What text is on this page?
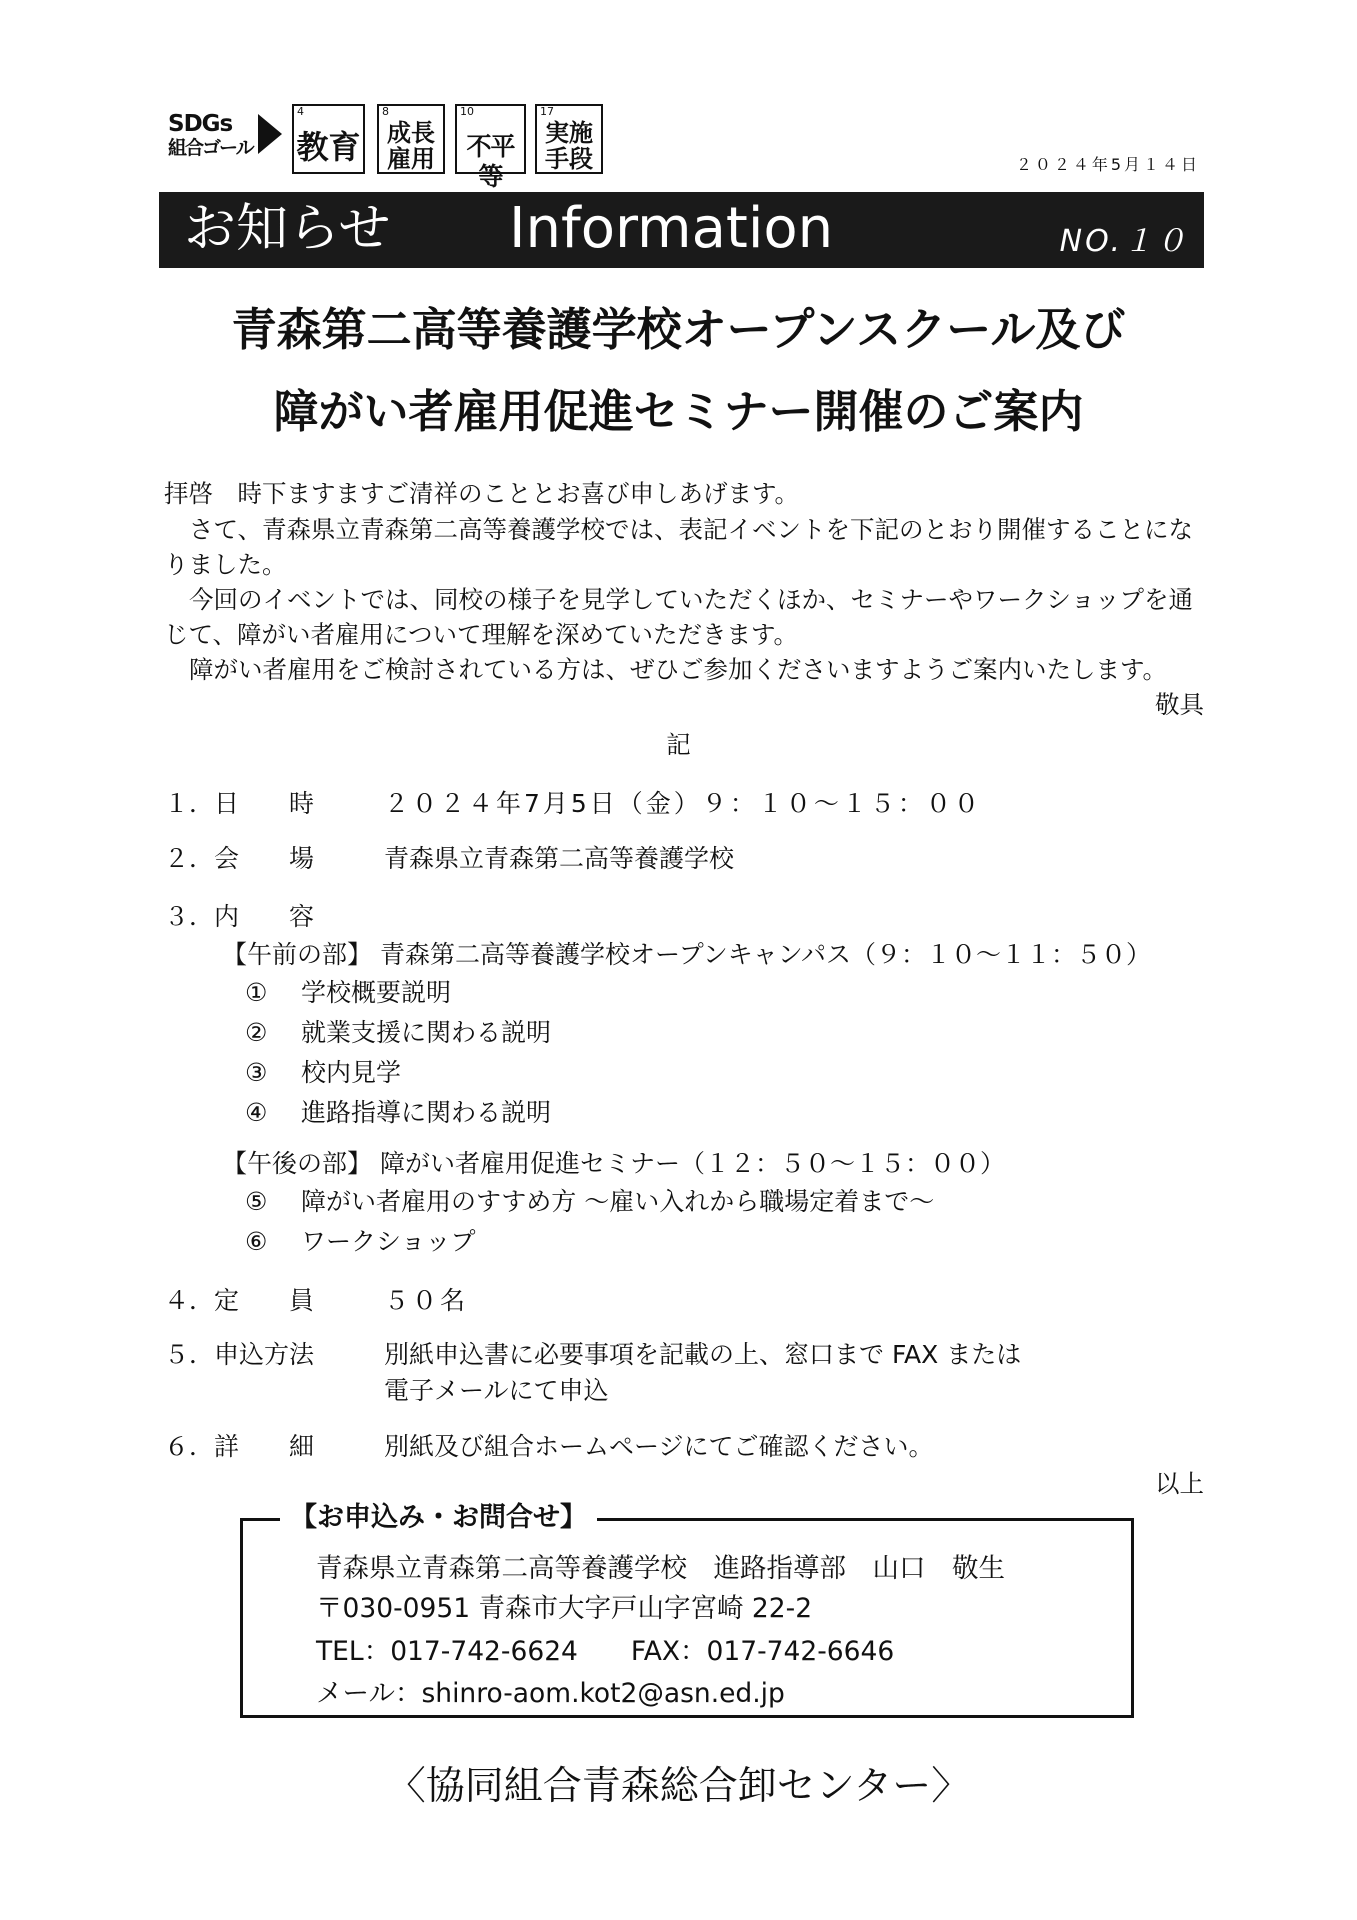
SDGs
組合ゴール
4
教育
8
成長
雇用
10
不平等
17
実施
手段	２０２４年5月１４日
お知らせ Information	NO.１０
青森第二高等養護学校オープンスクール及び
障がい者雇用促進セミナー開催のご案内
拝啓　時下ますますご清祥のこととお喜び申しあげます。
さて、青森県立青森第二高等養護学校では、表記イベントを下記のとおり開催することになりました。
今回のイベントでは、同校の様子を見学していただくほか、セミナーやワークショップを通じて、障がい者雇用について理解を深めていただきます。
障がい者雇用をご検討されている方は、ぜひご参加くださいますようご案内いたします。
敬具
記
１．日　　時	２０２４年7月5日（金）９：１０～１５：００
２．会　　場	青森県立青森第二高等養護学校
３．内　　容
【午前の部】 青森第二高等養護学校オープンキャンパス（９：１０～１１：５０）
① 学校概要説明
② 就業支援に関わる説明
③ 校内見学
④ 進路指導に関わる説明
【午後の部】 障がい者雇用促進セミナー（１２：５０～１５：００）
⑤ 障がい者雇用のすすめ方 ～雇い入れから職場定着まで～
⑥ ワークショップ
４．定　　員	５０名
５．申込方法	別紙申込書に必要事項を記載の上、窓口まで FAX または
電子メールにて申込
６．詳　　細	別紙及び組合ホームページにてご確認ください。
以上
【お申込み・お問合せ】
青森県立青森第二高等養護学校　進路指導部　山口　敬生
〒030-0951 青森市大字戸山字宮崎 22-2
TEL：017-742-6624　　FAX：017-742-6646
メール：shinro-aom.kot2@asn.ed.jp
〈協同組合青森総合卸センター〉
